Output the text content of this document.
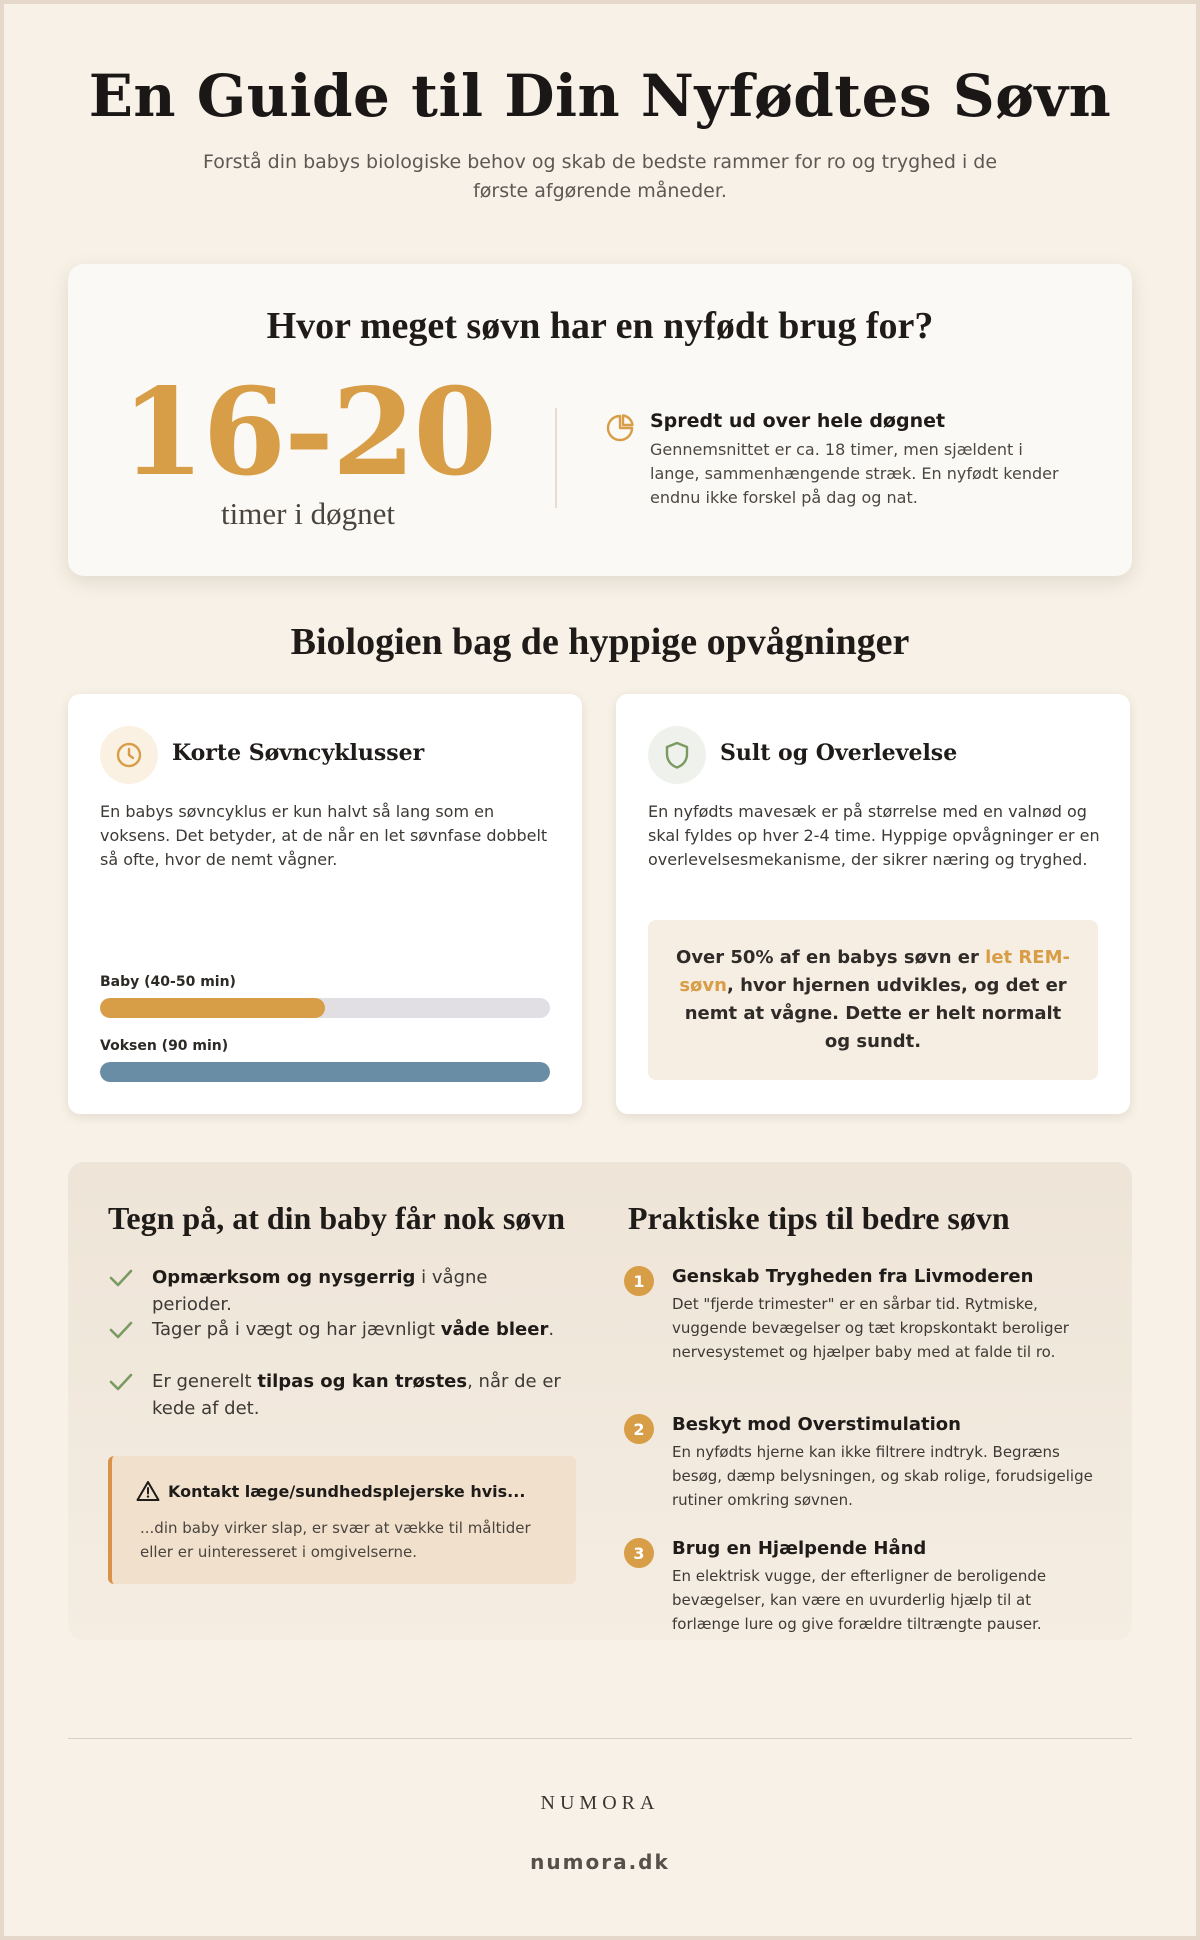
En Guide til Din Nyfødtes Søvn

Forstå din babys biologiske behov og skab de bedste rammer for ro og tryghed i de første afgørende måneder.

Hvor meget søvn har en nyfødt brug for?
16-20
timer i døgnet
Spredt ud over hele døgnet

Gennemsnittet er ca. 18 timer, men sjældent i lange, sammenhængende stræk. En nyfødt kender endnu ikke forskel på dag og nat.

Biologien bag de hyppige opvågninger
Korte Søvncyklusser

En babys søvncyklus er kun halvt så lang som en voksens. Det betyder, at de når en let søvnfase dobbelt så ofte, hvor de nemt vågner.

Baby (40-50 min)
Voksen (90 min)
Sult og Overlevelse

En nyfødts mavesæk er på størrelse med en valnød og skal fyldes op hver 2-4 time. Hyppige opvågninger er en overlevelsesmekanisme, der sikrer næring og tryghed.

Over 50% af en babys søvn er let REM-søvn, hvor hjernen udvikles, og det er nemt at vågne. Dette er helt normalt og sundt.

Tegn på, at din baby får nok søvn

Opmærksom og nysgerrig i vågne perioder.

Tager på i vægt og har jævnligt våde bleer.

Er generelt tilpas og kan trøstes, når de er kede af det.

Kontakt læge/sundhedsplejerske hvis...

...din baby virker slap, er svær at vække til måltider eller er uinteresseret i omgivelserne.

Praktiske tips til bedre søvn
1	Genskab Trygheden fra Livmoderen

Det "fjerde trimester" er en sårbar tid. Rytmiske, vuggende bevægelser og tæt kropskontakt beroliger nervesystemet og hjælper baby med at falde til ro.

2	Beskyt mod Overstimulation

En nyfødts hjerne kan ikke filtrere indtryk. Begræns besøg, dæmp belysningen, og skab rolige, forudsigelige rutiner omkring søvnen.

3	Brug en Hjælpende Hånd

En elektrisk vugge, der efterligner de beroligende bevægelser, kan være en uvurderlig hjælp til at forlænge lure og give forældre tiltrængte pauser.

NUMORA
numora.dk
